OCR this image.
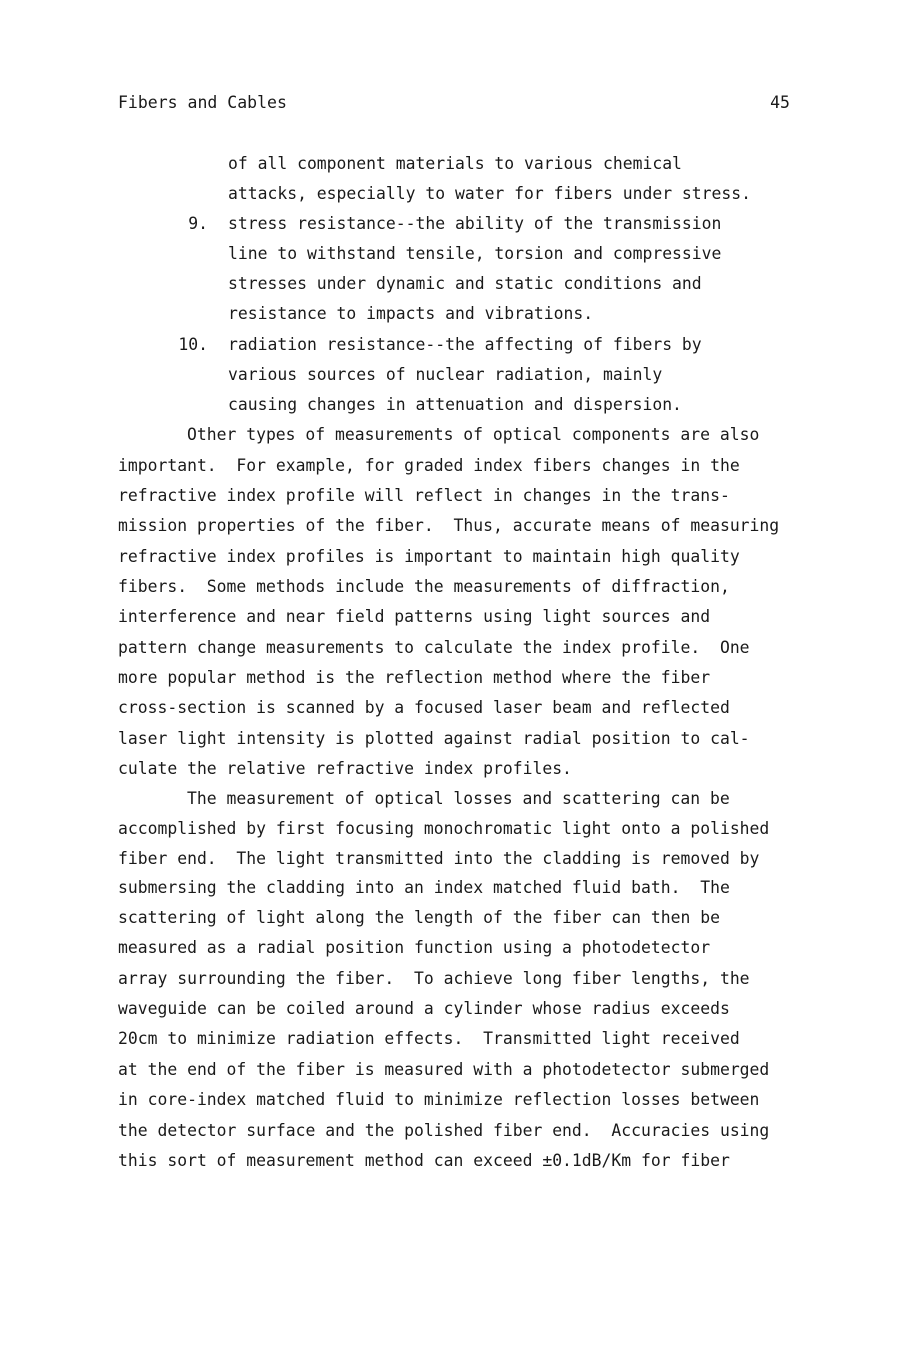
Fibers and Cables	45
of all component materials to various chemical
attacks, especially to water for fibers under stress.
9. stress resistance--the ability of the transmission
line to withstand tensile, torsion and compressive
stresses under dynamic and static conditions and
resistance to impacts and vibrations.
10. radiation resistance--the affecting of fibers by
various sources of nuclear radiation, mainly
causing changes in attenuation and dispersion.
Other types of measurements of optical components are also
important.  For example, for graded index fibers changes in the
refractive index profile will reflect in changes in the trans-
mission properties of the fiber.  Thus, accurate means of measuring
refractive index profiles is important to maintain high quality
fibers.  Some methods include the measurements of diffraction,
interference and near field patterns using light sources and
pattern change measurements to calculate the index profile.  One
more popular method is the reflection method where the fiber
cross-section is scanned by a focused laser beam and reflected
laser light intensity is plotted against radial position to cal-
culate the relative refractive index profiles.
The measurement of optical losses and scattering can be
accomplished by first focusing monochromatic light onto a polished
fiber end.  The light transmitted into the cladding is removed by
submersing the cladding into an index matched fluid bath.  The
scattering of light along the length of the fiber can then be
measured as a radial position function using a photodetector
array surrounding the fiber.  To achieve long fiber lengths, the
waveguide can be coiled around a cylinder whose radius exceeds
20cm to minimize radiation effects.  Transmitted light received
at the end of the fiber is measured with a photodetector submerged
in core-index matched fluid to minimize reflection losses between
the detector surface and the polished fiber end.  Accuracies using
this sort of measurement method can exceed ±0.1dB/Km for fiber
